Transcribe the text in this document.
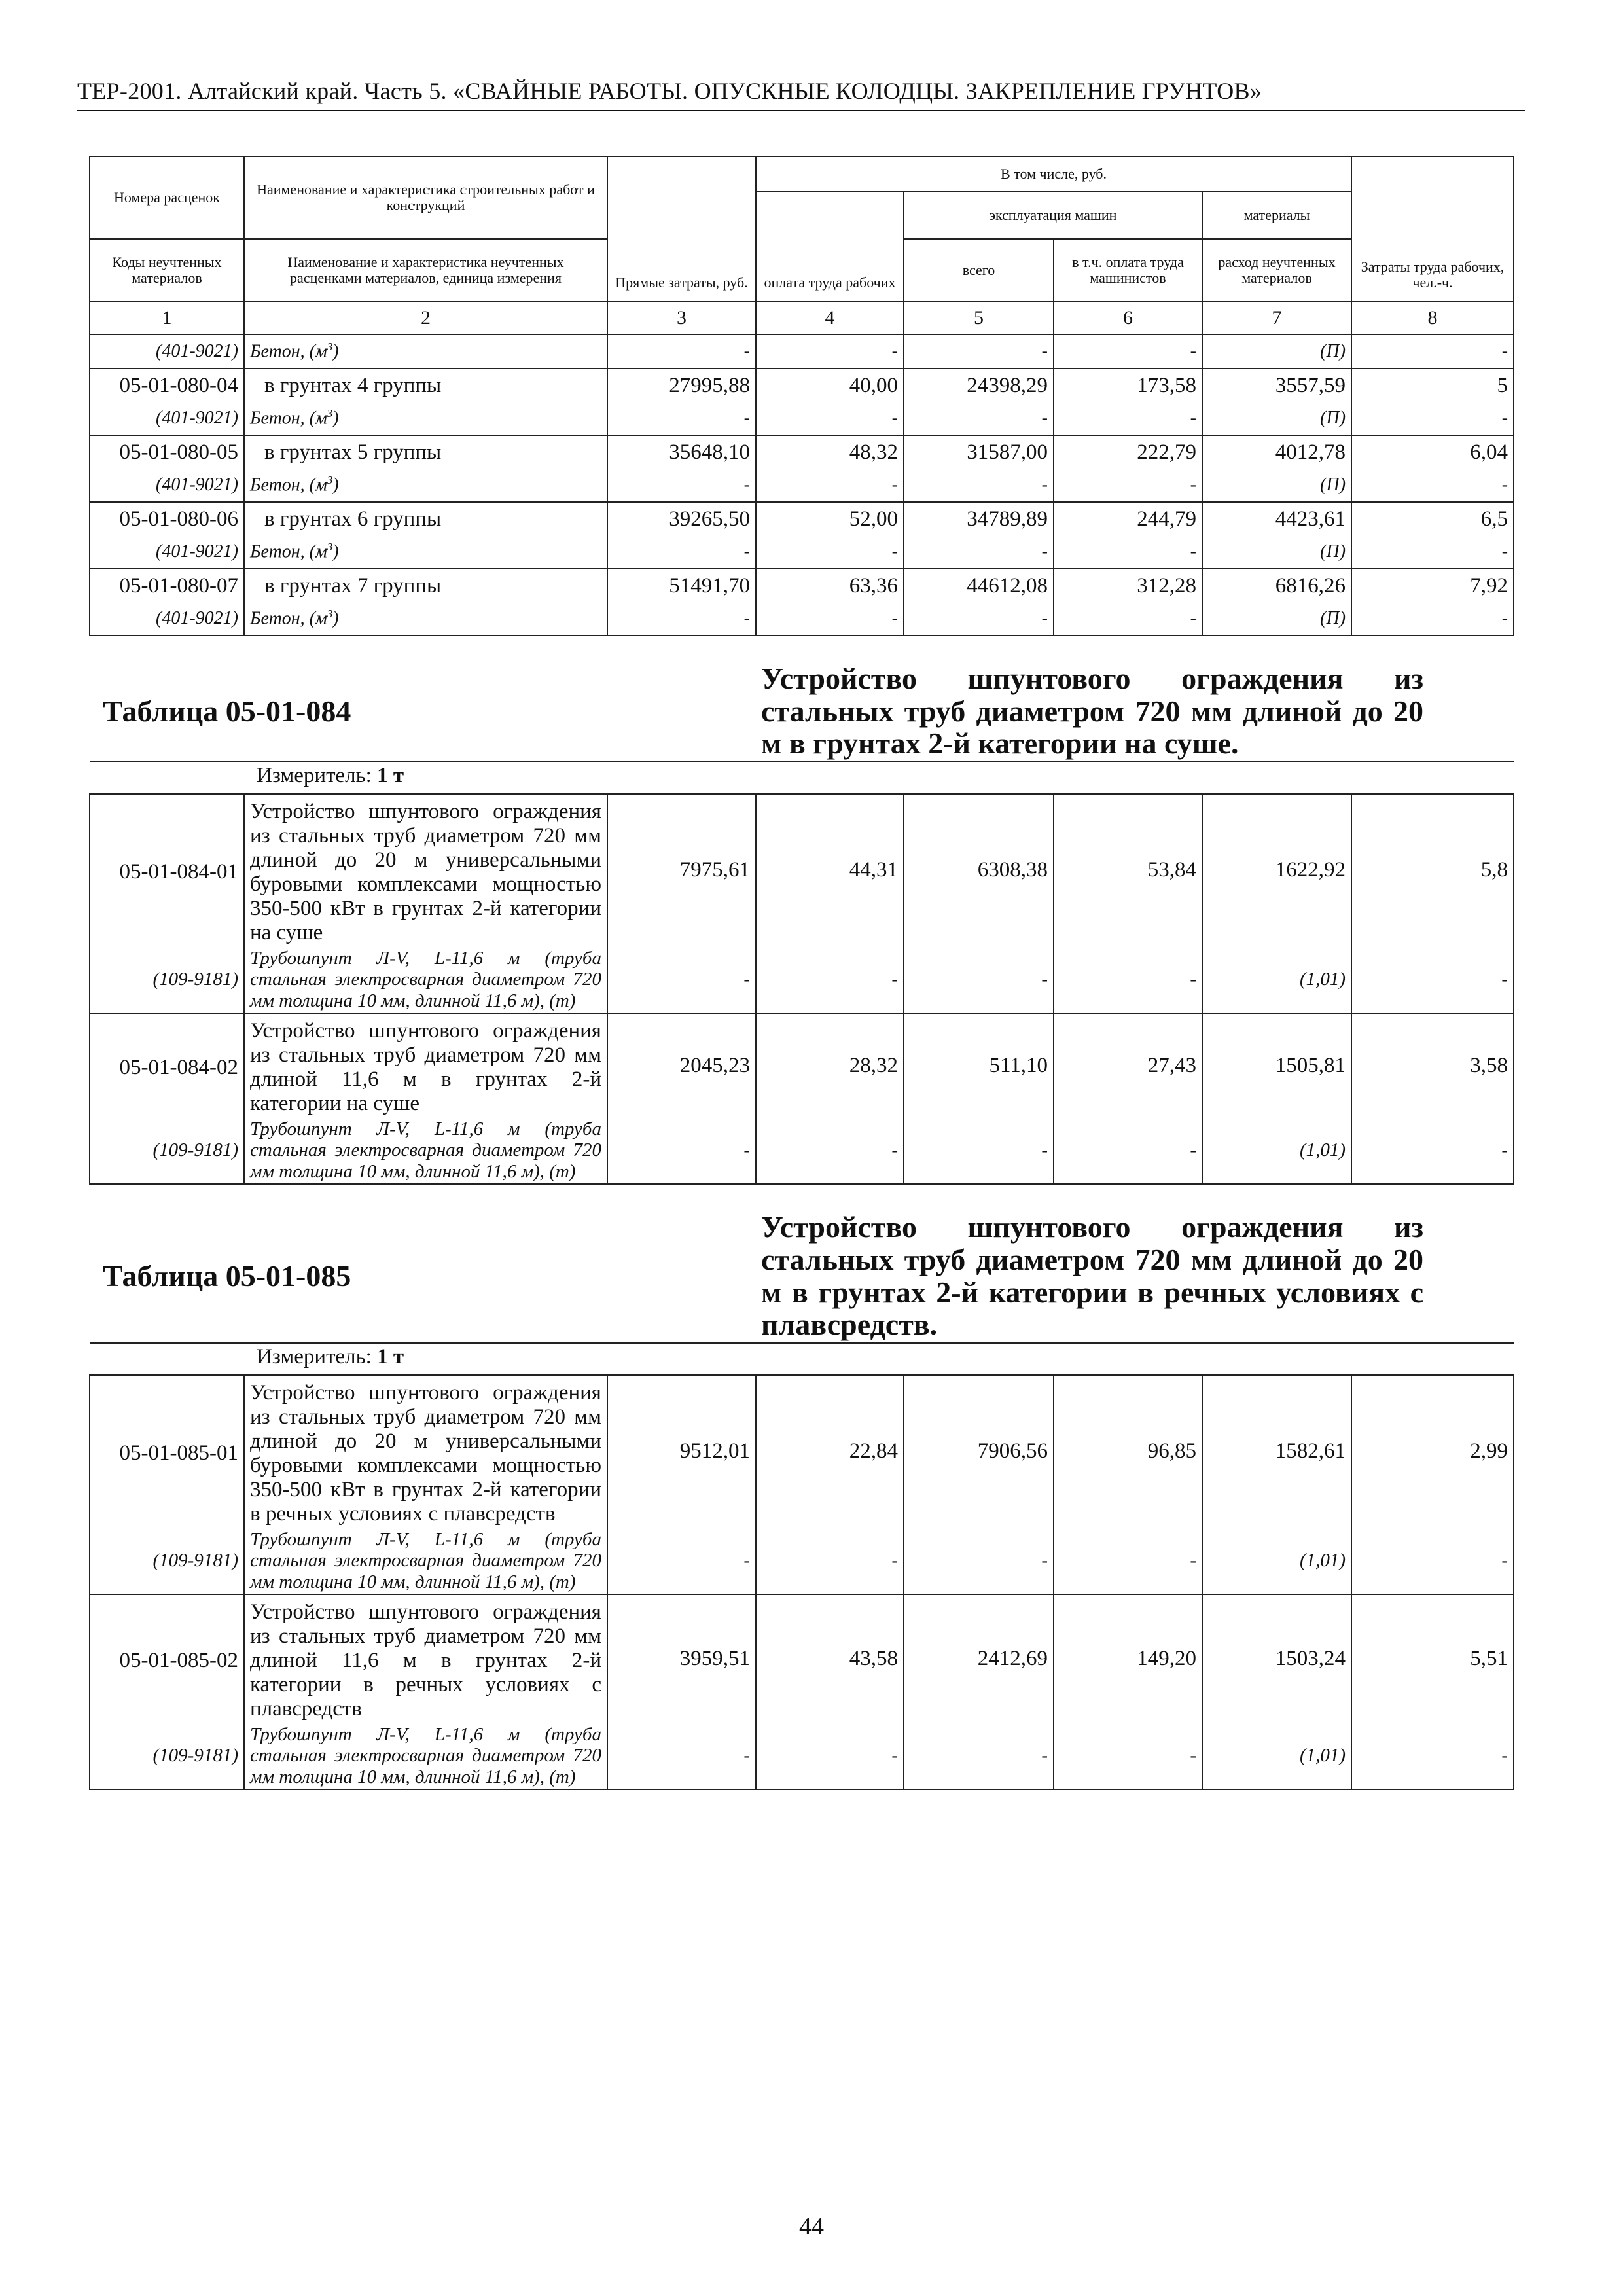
ТЕР-2001. Алтайский край. Часть 5. «СВАЙНЫЕ РАБОТЫ. ОПУСКНЫЕ КОЛОДЦЫ. ЗАКРЕПЛЕНИЕ ГРУНТОВ»
Номера расценок	Наименование и характеристика строительных работ и конструкций	Прямые затраты, руб.	В том числе, руб.				Затраты труда рабочих, чел.-ч.
			оплата труда рабочих	эксплуатация машин		материалы	
Коды неучтенных материалов	Наименование и характеристика неучтенных расценками материалов, единица измерения			всего	в т.ч. оплата труда машинистов	расход неучтенных материалов	
1	2	3	4	5	6	7	8
(401-9021)	Бетон, $(м^3)$	-	-	-	-	(П)	-
05-01-080-04	в грунтах 4 группы	27995,88	40,00	24398,29	173,58	3557,59	5
(401-9021)	Бетон, $(м^3)$	-	-	-	-	(П)	-
05-01-080-05	в грунтах 5 группы	35648,10	48,32	31587,00	222,79	4012,78	6,04
(401-9021)	Бетон, $(м^3)$	-	-	-	-	(П)	-
05-01-080-06	в грунтах 6 группы	39265,50	52,00	34789,89	244,79	4423,61	6,5
(401-9021)	Бетон, $(м^3)$	-	-	-	-	(П)	-
05-01-080-07	в грунтах 7 группы	51491,70	63,36	44612,08	312,28	6816,26	7,92
(401-9021)	Бетон, $(м^3)$	-	-	-	-	(П)	-
Таблица 05-01-084			Устройство шпунтового ограждения из стальных труб диаметром 720 мм длиной до 20 м в грунтах 2-й категории на суше.				
Измеритель: 1 т							
05-01-084-01	Устройство шпунтового ограждения из стальных труб диаметром 720 мм длиной до 20 м универсальными буровыми комплексами мощностью 350-500 кВт в грунтах 2-й категории на суше	7975,61	44,31	6308,38	53,84	1622,92	5,8
(109-9181)	Трубошпунт Л-V, L-11,6 м (труба стальная электросварная диаметром 720 мм толщина 10 мм, длинной 11,6 м), (т)	-	-	-	-	(1,01)	-
05-01-084-02	Устройство шпунтового ограждения из стальных труб диаметром 720 мм длиной 11,6 м в грунтах 2-й категории на суше	2045,23	28,32	511,10	27,43	1505,81	3,58
(109-9181)	Трубошпунт Л-V, L-11,6 м (труба стальная электросварная диаметром 720 мм толщина 10 мм, длинной 11,6 м), (т)	-	-	-	-	(1,01)	-
Таблица 05-01-085			Устройство шпунтового ограждения из стальных труб диаметром 720 мм длиной до 20 м в грунтах 2-й категории в речных условиях с плавсредств.				
Измеритель: 1 т							
05-01-085-01	Устройство шпунтового ограждения из стальных труб диаметром 720 мм длиной до 20 м универсальными буровыми комплексами мощностью 350-500 кВт в грунтах 2-й категории в речных условиях с плавсредств	9512,01	22,84	7906,56	96,85	1582,61	2,99
(109-9181)	Трубошпунт Л-V, L-11,6 м (труба стальная электросварная диаметром 720 мм толщина 10 мм, длинной 11,6 м), (т)	-	-	-	-	(1,01)	-
05-01-085-02	Устройство шпунтового ограждения из стальных труб диаметром 720 мм длиной 11,6 м в грунтах 2-й категории в речных условиях с плавсредств	3959,51	43,58	2412,69	149,20	1503,24	5,51
(109-9181)	Трубошпунт Л-V, L-11,6 м (труба стальная электросварная диаметром 720 мм толщина 10 мм, длинной 11,6 м), (т)	-	-	-	-	(1,01)	-
44
